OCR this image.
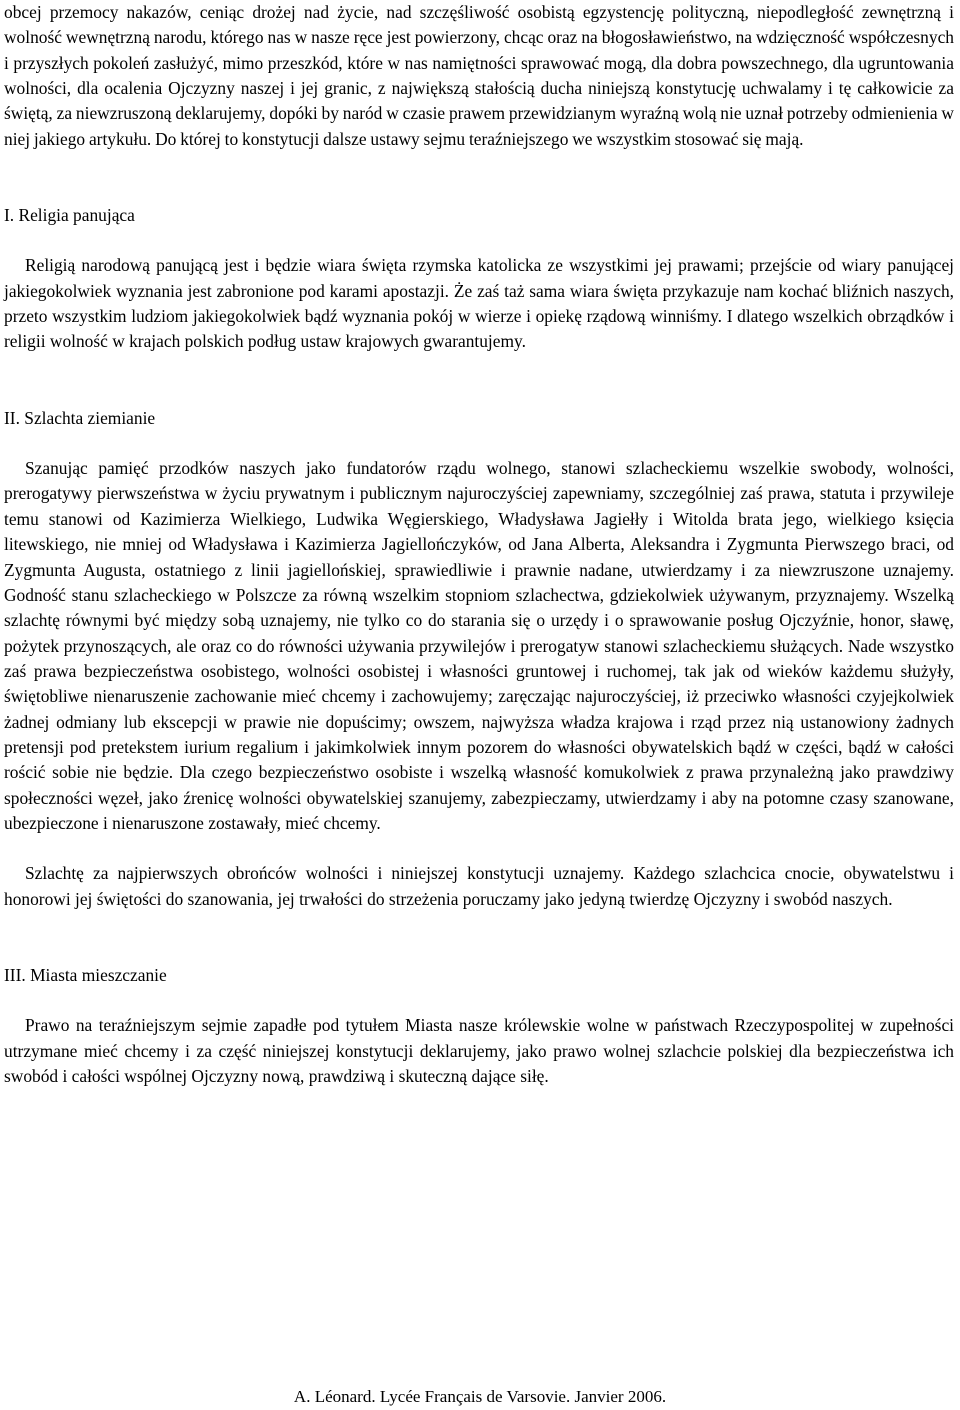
obcej przemocy nakazów, ceniąc drożej nad życie, nad szczęśliwość osobistą egzystencję polityczną, niepodległość zewnętrzną i wolność wewnętrzną narodu, którego nas w nasze ręce jest powierzony, chcąc oraz na błogosławieństwo, na wdzięczność współczesnych i przyszłych pokoleń zasłużyć, mimo przeszkód, które w nas namiętności sprawować mogą, dla dobra powszechnego, dla ugruntowania wolności, dla ocalenia Ojczyzny naszej i jej granic, z największą stałością ducha niniejszą konstytucję uchwalamy i tę całkowicie za świętą, za niewzruszoną deklarujemy, dopóki by naród w czasie prawem przewidzianym wyraźną wolą nie uznał potrzeby odmienienia w niej jakiego artykułu. Do której to konstytucji dalsze ustawy sejmu teraźniejszego we wszystkim stosować się mają.

I. Religia panująca

Religią narodową panującą jest i będzie wiara święta rzymska katolicka ze wszystkimi jej prawami; przejście od wiary panującej jakiegokolwiek wyznania jest zabronione pod karami apostazji. Że zaś taż sama wiara święta przykazuje nam kochać bliźnich naszych, przeto wszystkim ludziom jakiegokolwiek bądź wyznania pokój w wierze i opiekę rządową winniśmy. I dlatego wszelkich obrządków i religii wolność w krajach polskich podług ustaw krajowych gwarantujemy.

II. Szlachta ziemianie

Szanując pamięć przodków naszych jako fundatorów rządu wolnego, stanowi szlacheckiemu wszelkie swobody, wolności, prerogatywy pierwszeństwa w życiu prywatnym i publicznym najuroczyściej zapewniamy, szczególniej zaś prawa, statuta i przywileje temu stanowi od Kazimierza Wielkiego, Ludwika Węgierskiego, Władysława Jagiełły i Witolda brata jego, wielkiego księcia litewskiego, nie mniej od Władysława i Kazimierza Jagiellończyków, od Jana Alberta, Aleksandra i Zygmunta Pierwszego braci, od Zygmunta Augusta, ostatniego z linii jagiellońskiej, sprawiedliwie i prawnie nadane, utwierdzamy i za niewzruszone uznajemy. Godność stanu szlacheckiego w Polszcze za równą wszelkim stopniom szlachectwa, gdziekolwiek używanym, przyznajemy. Wszelką szlachtę równymi być między sobą uznajemy, nie tylko co do starania się o urzędy i o sprawowanie posług Ojczyźnie, honor, sławę, pożytek przynoszących, ale oraz co do równości używania przywilejów i prerogatyw stanowi szlacheckiemu służących. Nade wszystko zaś prawa bezpieczeństwa osobistego, wolności osobistej i własności gruntowej i ruchomej, tak jak od wieków każdemu służyły, świętobliwe nienaruszenie zachowanie mieć chcemy i zachowujemy; zaręczając najuroczyściej, iż przeciwko własności czyjejkolwiek żadnej odmiany lub ekscepcji w prawie nie dopuścimy; owszem, najwyższa władza krajowa i rząd przez nią ustanowiony żadnych pretensji pod pretekstem iurium regalium i jakimkolwiek innym pozorem do własności obywatelskich bądź w części, bądź w całości rościć sobie nie będzie. Dla czego bezpieczeństwo osobiste i wszelką własność komukolwiek z prawa przynależną jako prawdziwy społeczności węzeł, jako źrenicę wolności obywatelskiej szanujemy, zabezpieczamy, utwierdzamy i aby na potomne czasy szanowane, ubezpieczone i nienaruszone zostawały, mieć chcemy.

Szlachtę za najpierwszych obrońców wolności i niniejszej konstytucji uznajemy. Każdego szlachcica cnocie, obywatelstwu i honorowi jej świętości do szanowania, jej trwałości do strzeżenia poruczamy jako jedyną twierdzę Ojczyzny i swobód naszych.

III. Miasta mieszczanie

Prawo na teraźniejszym sejmie zapadłe pod tytułem Miasta nasze królewskie wolne w państwach Rzeczypospolitej w zupełności utrzymane mieć chcemy i za część niniejszej konstytucji deklarujemy, jako prawo wolnej szlachcie polskiej dla bezpieczeństwa ich swobód i całości wspólnej Ojczyzny nową, prawdziwą i skuteczną dające siłę.

A. Léonard. Lycée Français de Varsovie. Janvier 2006.
